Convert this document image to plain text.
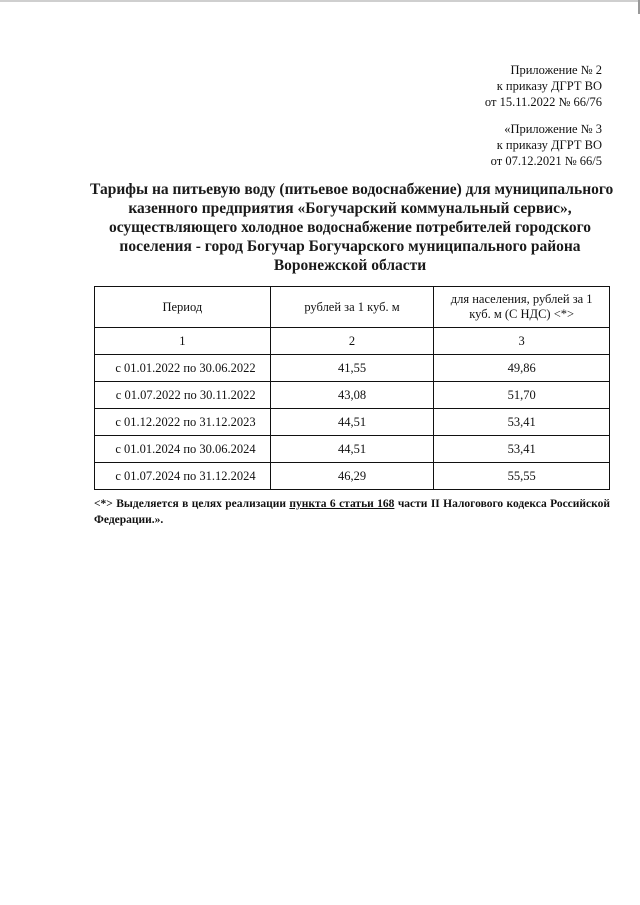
Приложение № 2
к приказу ДГРТ ВО
от 15.11.2022 № 66/76
«Приложение № 3
к приказу ДГРТ ВО
от 07.12.2021 № 66/5
Тарифы на питьевую воду (питьевое водоснабжение) для муниципального
казенного предприятия «Богучарский коммунальный сервис»,
осуществляющего холодное водоснабжение потребителей городского
поселения - город Богучар Богучарского муниципального района
Воронежской области
Период	рублей за 1 куб. м	для населения, рублей за 1 куб. м (С НДС) <*>
1	2	3
с 01.01.2022 по 30.06.2022	41,55	49,86
с 01.07.2022 по 30.11.2022	43,08	51,70
с 01.12.2022 по 31.12.2023	44,51	53,41
с 01.01.2024 по 30.06.2024	44,51	53,41
с 01.07.2024 по 31.12.2024	46,29	55,55
<*> Выделяется в целях реализации пункта 6 статьи 168 части II Налогового кодекса Российской Федерации.».
